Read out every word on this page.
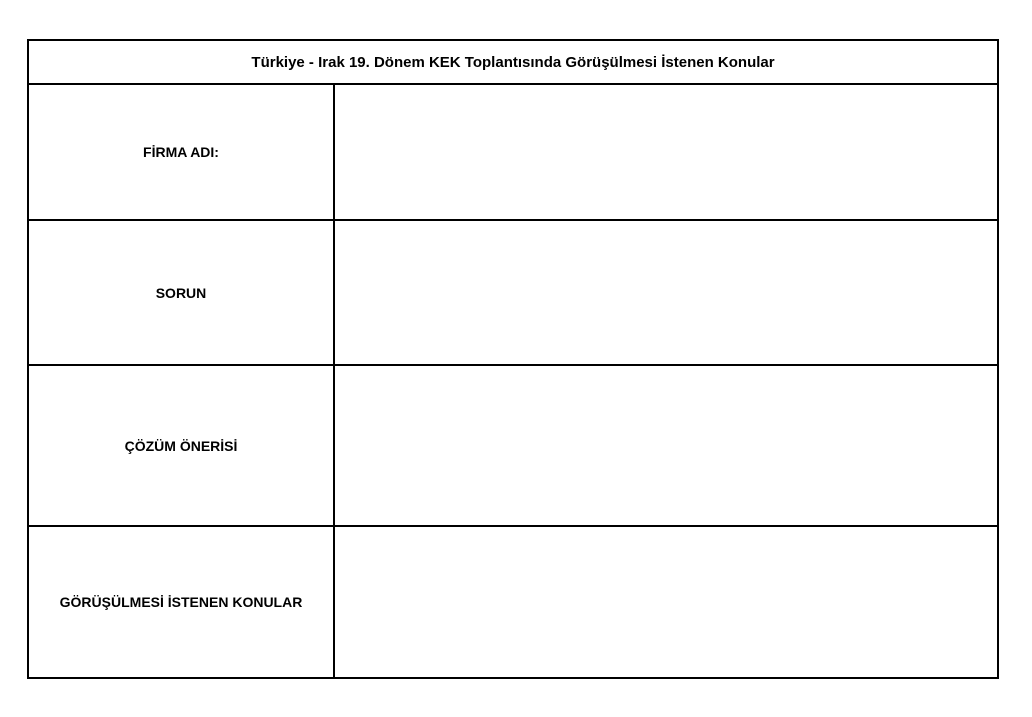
Türkiye - Irak 19. Dönem KEK Toplantısında Görüşülmesi İstenen Konular
FİRMA ADI:
SORUN
ÇÖZÜM ÖNERİSİ
GÖRÜŞÜLMESİ İSTENEN KONULAR
